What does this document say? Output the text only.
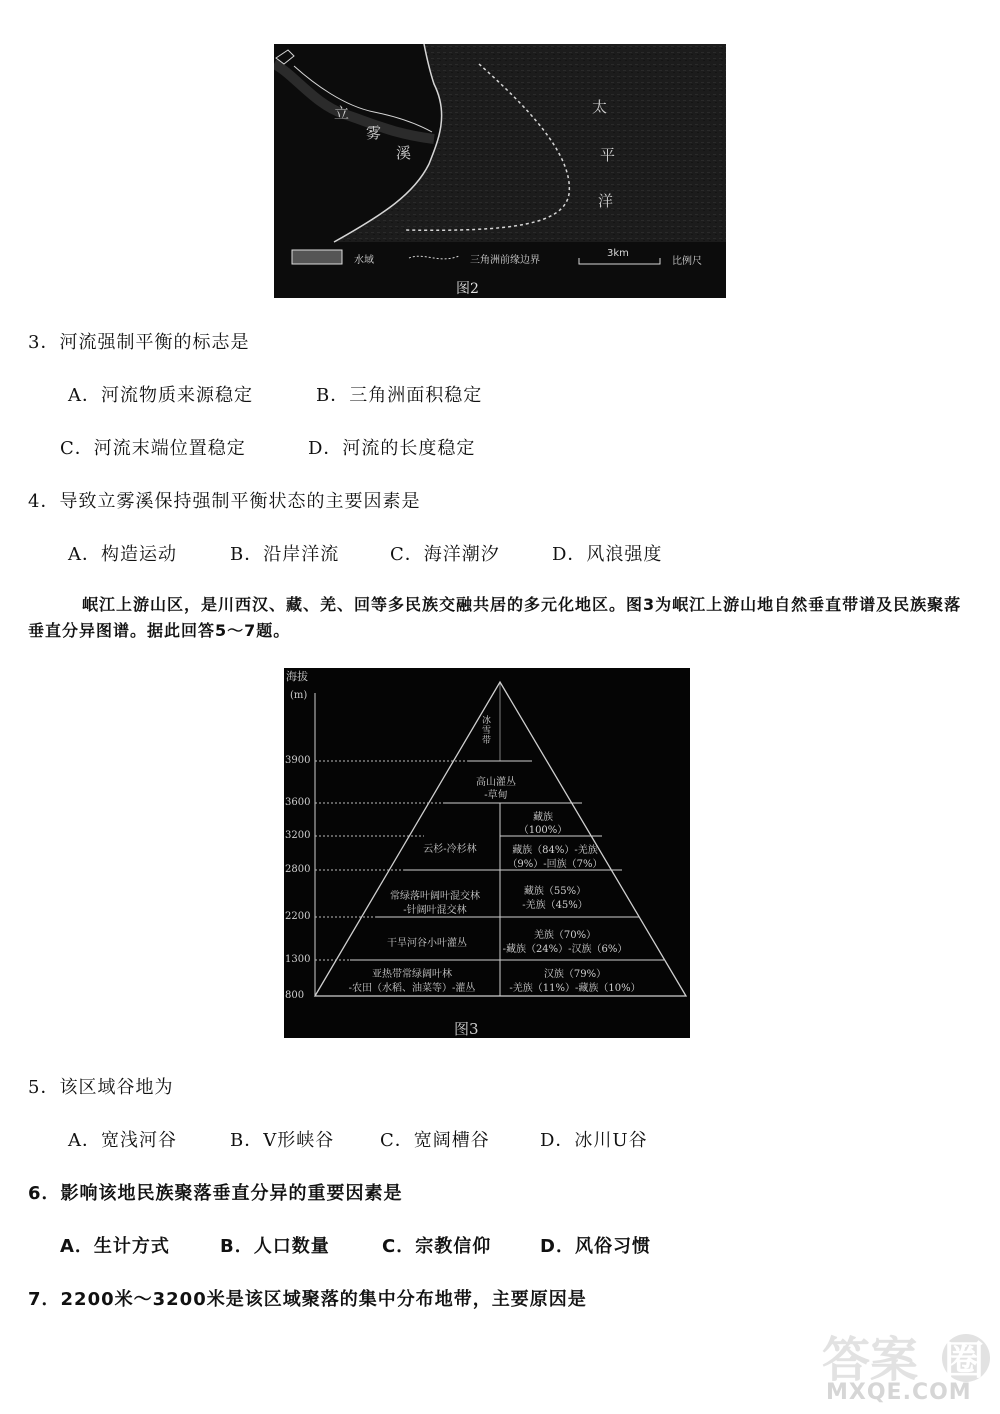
立
雾
溪
太
平
洋
水域	三角洲前缘边界
3km
比例尺
图2
3．河流强制平衡的标志是
A．河流物质来源稳定	B．三角洲面积稳定
C．河流末端位置稳定	D．河流的长度稳定
4．导致立雾溪保持强制平衡状态的主要因素是
A．构造运动	B．沿岸洋流	C．海洋潮汐	D．风浪强度
岷江上游山区，是川西汉、藏、羌、回等多民族交融共居的多元化地区。图3为岷江上游山地自然垂直带谱及民族聚落垂直分异图谱。据此回答5～7题。
海拔
(m)
3900
3600
3200
2800
2200
1300
800
冰雪带
高山灌丛
-草甸
云杉-冷杉林
常绿落叶阔叶混交林
-针阔叶混交林
干旱河谷小叶灌丛
亚热带常绿阔叶林
-农田（水稻、油菜等）-灌丛
藏族
（100%）
藏族（84%）-羌族
（9%）-回族（7%）
藏族（55%）
-羌族（45%）
羌族（70%）
-藏族（24%）-汉族（6%）
汉族（79%）
-羌族（11%）-藏族（10%）
图3
5．该区域谷地为
A．宽浅河谷	B．V形峡谷	C．宽阔槽谷	D．冰川U谷
6．影响该地民族聚落垂直分异的重要因素是
A．生计方式	B．人口数量	C．宗教信仰	D．风俗习惯
7．2200米～3200米是该区域聚落的集中分布地带，主要原因是
答案 圈
MXQE.COM
